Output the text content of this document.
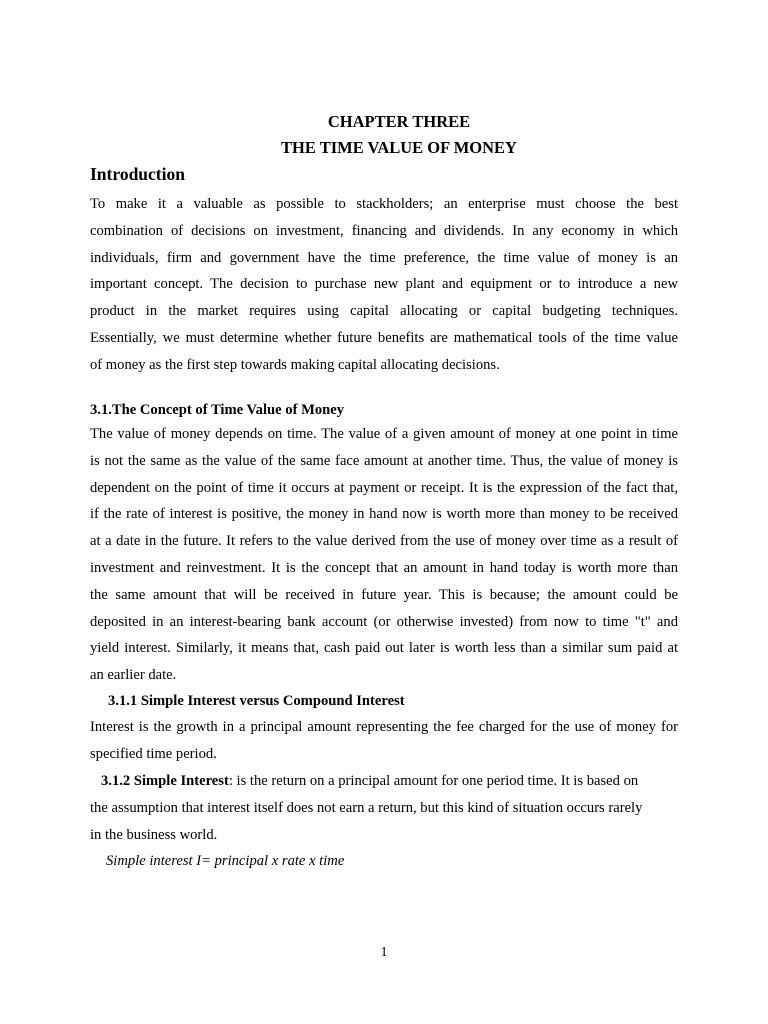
CHAPTER THREE
THE TIME VALUE OF MONEY
Introduction
To make it a valuable as possible to stackholders; an enterprise must choose the best
combination of decisions on investment, financing and dividends. In any economy in which
individuals, firm and government have the time preference, the time value of money is an
important concept. The decision to purchase new plant and equipment or to introduce a new
product in the market requires using capital allocating or capital budgeting techniques.
Essentially, we must determine whether future benefits are mathematical tools of the time value
of money as the first step towards making capital allocating decisions.
3.1.The Concept of Time Value of Money
The value of money depends on time. The value of a given amount of money at one point in time
is not the same as the value of the same face amount at another time. Thus, the value of money is
dependent on the point of time it occurs at payment or receipt. It is the expression of the fact that,
if the rate of interest is positive, the money in hand now is worth more than money to be received
at a date in the future. It refers to the value derived from the use of money over time as a result of
investment and reinvestment. It is the concept that an amount in hand today is worth more than
the same amount that will be received in future year. This is because; the amount could be
deposited in an interest-bearing bank account (or otherwise invested) from now to time "t" and
yield interest. Similarly, it means that, cash paid out later is worth less than a similar sum paid at
an earlier date.
3.1.1 Simple Interest versus Compound Interest
Interest is the growth in a principal amount representing the fee charged for the use of money for
specified time period.
3.1.2 Simple Interest: is the return on a principal amount for one period time. It is based on
the assumption that interest itself does not earn a return, but this kind of situation occurs rarely
in the business world.
Simple interest I= principal x rate x time
1
